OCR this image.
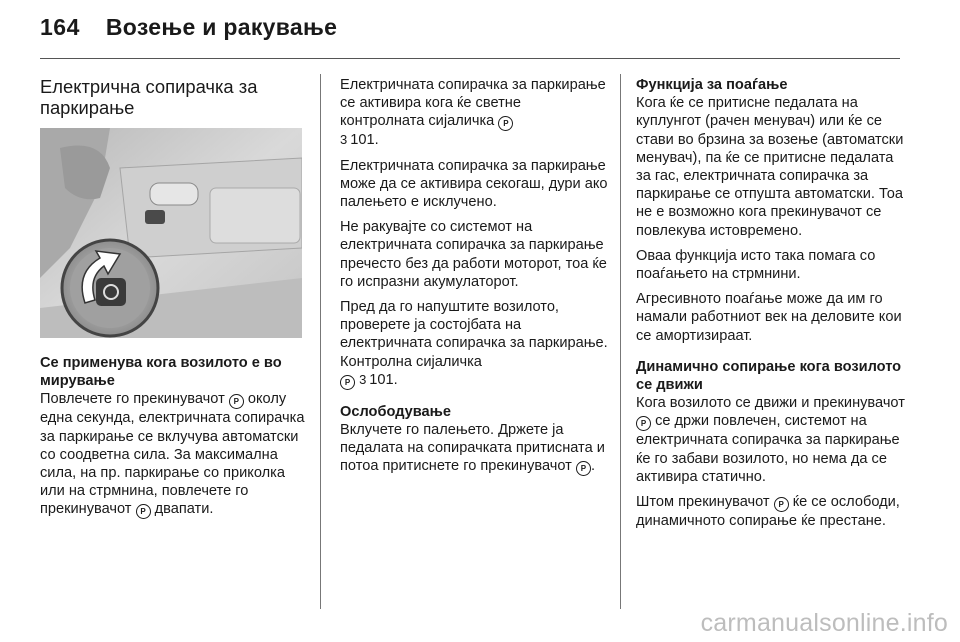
164 Возење и ракување
Електрична сопирачка за паркирање
Се применува кога возилото е во мирување

Повлечете го прекинувачот P околу една секунда, електричната сопирачка за паркирање се вклучува автоматски со соодветна сила. За максимална сила, на пр. паркирање со приколка или на стрмнина, повлечете го прекинувачот P двапати.

Електричната сопирачка за паркирање се активира кога ќе светне контролната сијаличка P
3 101.

Електричната сопирачка за паркирање може да се активира секогаш, дури ако палењето е исклучено.

Не ракувајте со системот на електричната сопирачка за паркирање пречесто без да работи моторот, тоа ќе го испразни акумулаторот.

Пред да го напуштите возилото, проверете ја состојбата на електричната сопирачка за паркирање. Контролна сијаличка
P 3 101.

Ослободување

Вклучете го палењето. Држете ја педалата на сопирачката притисната и потоа притиснете го прекинувачот P .

Функција за поаѓање

Кога ќе се притисне педалата на куплунгот (рачен менувач) или ќе се стави во брзина за возење (автоматски менувач), па ќе се притисне педалата за гас, електричната сопирачка за паркирање се отпушта автоматски. Тоа не е возможно кога прекинувачот се повлекува истовремено.

Оваа функција исто така помага со поаѓањето на стрмнини.

Агресивното поаѓање може да им го намали работниот век на деловите кои се амортизираат.

Динамично сопирање кога возилото се движи

Кога возилото се движи и прекинувачот P се држи повлечен, системот на електричната сопирачка за паркирање ќе го забави возилото, но нема да се активира статично.

Штом прекинувачот P ќе се ослободи, динамичното сопирање ќе престане.

carmanualsonline.info
